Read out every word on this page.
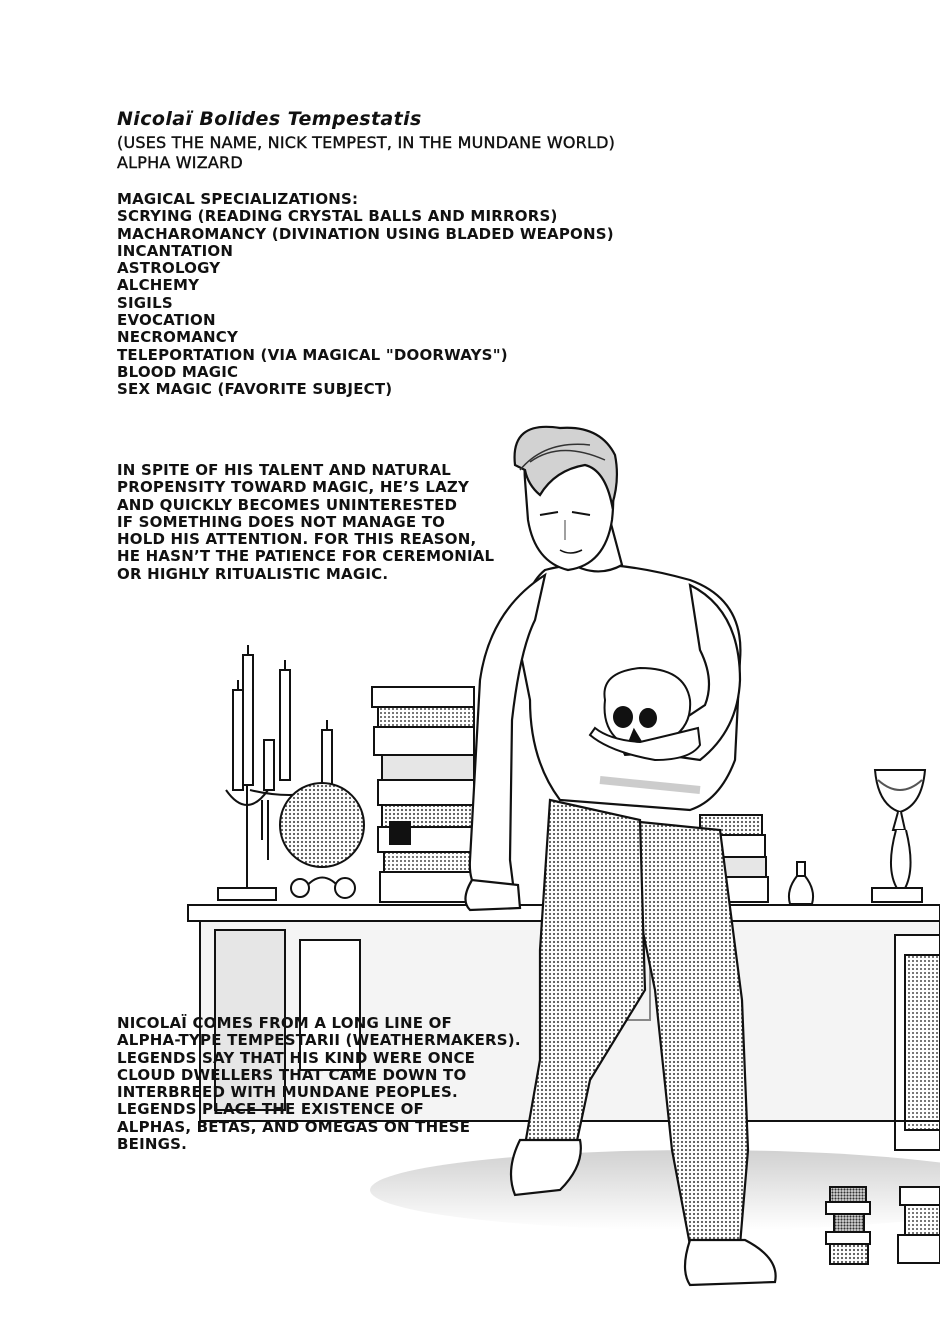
Nicolaï Bolides Tempestatis

(USES THE NAME, NICK TEMPEST, IN THE MUNDANE WORLD)
ALPHA WIZARD
MAGICAL SPECIALIZATIONS:
SCRYING (READING CRYSTAL BALLS AND MIRRORS)
MACHAROMANCY (DIVINATION USING BLADED WEAPONS)
INCANTATION
ASTROLOGY
ALCHEMY
SIGILS
EVOCATION
NECROMANCY
TELEPORTATION (VIA MAGICAL "DOORWAYS")
BLOOD MAGIC
SEX MAGIC (FAVORITE SUBJECT)
IN SPITE OF HIS TALENT AND NATURAL
PROPENSITY TOWARD MAGIC, HE’S LAZY
AND QUICKLY BECOMES UNINTERESTED
IF SOMETHING DOES NOT MANAGE TO
HOLD HIS ATTENTION. FOR THIS REASON,
HE HASN’T THE PATIENCE FOR CEREMONIAL
OR HIGHLY RITUALISTIC MAGIC.
NICOLAÏ COMES FROM A LONG LINE OF
ALPHA-TYPE TEMPESTARII (WEATHERMAKERS).
LEGENDS SAY THAT HIS KIND WERE ONCE
CLOUD DWELLERS THAT CAME DOWN TO
INTERBREED WITH MUNDANE PEOPLES.
LEGENDS PLACE THE EXISTENCE OF
ALPHAS, BETAS, AND OMEGAS ON THESE
BEINGS.
